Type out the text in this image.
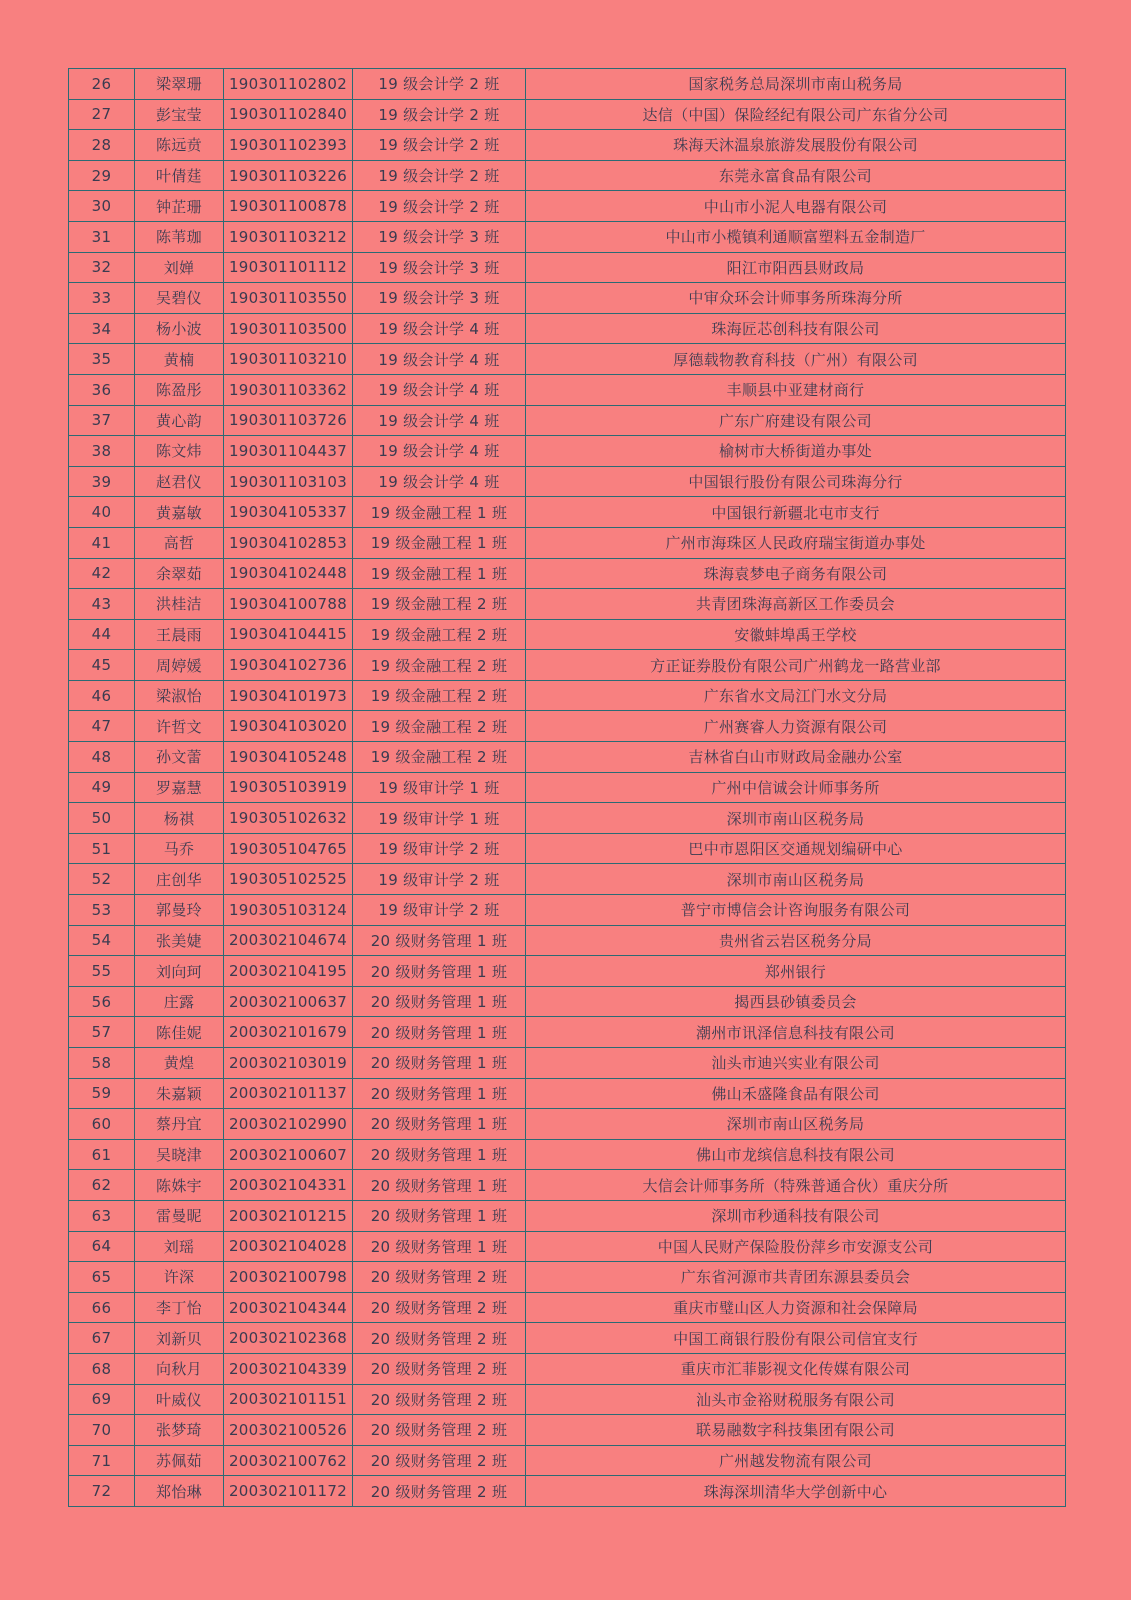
26	梁翠珊	190301102802	19 级会计学 2 班	国家税务总局深圳市南山税务局
27	彭宝莹	190301102840	19 级会计学 2 班	达信（中国）保险经纪有限公司广东省分公司
28	陈远贲	190301102393	19 级会计学 2 班	珠海天沐温泉旅游发展股份有限公司
29	叶倩莛	190301103226	19 级会计学 2 班	东莞永富食品有限公司
30	钟芷珊	190301100878	19 级会计学 2 班	中山市小泥人电器有限公司
31	陈苇珈	190301103212	19 级会计学 3 班	中山市小榄镇利通顺富塑料五金制造厂
32	刘婵	190301101112	19 级会计学 3 班	阳江市阳西县财政局
33	吴碧仪	190301103550	19 级会计学 3 班	中审众环会计师事务所珠海分所
34	杨小波	190301103500	19 级会计学 4 班	珠海匠芯创科技有限公司
35	黄楠	190301103210	19 级会计学 4 班	厚德载物教育科技（广州）有限公司
36	陈盈彤	190301103362	19 级会计学 4 班	丰顺县中亚建材商行
37	黄心韵	190301103726	19 级会计学 4 班	广东广府建设有限公司
38	陈文炜	190301104437	19 级会计学 4 班	榆树市大桥街道办事处
39	赵君仪	190301103103	19 级会计学 4 班	中国银行股份有限公司珠海分行
40	黄嘉敏	190304105337	19 级金融工程 1 班	中国银行新疆北屯市支行
41	高哲	190304102853	19 级金融工程 1 班	广州市海珠区人民政府瑞宝街道办事处
42	余翠茹	190304102448	19 级金融工程 1 班	珠海袁梦电子商务有限公司
43	洪桂洁	190304100788	19 级金融工程 2 班	共青团珠海高新区工作委员会
44	王晨雨	190304104415	19 级金融工程 2 班	安徽蚌埠禹王学校
45	周婷媛	190304102736	19 级金融工程 2 班	方正证券股份有限公司广州鹤龙一路营业部
46	梁淑怡	190304101973	19 级金融工程 2 班	广东省水文局江门水文分局
47	许哲文	190304103020	19 级金融工程 2 班	广州赛睿人力资源有限公司
48	孙文蕾	190304105248	19 级金融工程 2 班	吉林省白山市财政局金融办公室
49	罗嘉慧	190305103919	19 级审计学 1 班	广州中信诚会计师事务所
50	杨祺	190305102632	19 级审计学 1 班	深圳市南山区税务局
51	马乔	190305104765	19 级审计学 2 班	巴中市恩阳区交通规划编研中心
52	庄创华	190305102525	19 级审计学 2 班	深圳市南山区税务局
53	郭曼玲	190305103124	19 级审计学 2 班	普宁市博信会计咨询服务有限公司
54	张美婕	200302104674	20 级财务管理 1 班	贵州省云岩区税务分局
55	刘向珂	200302104195	20 级财务管理 1 班	郑州银行
56	庄露	200302100637	20 级财务管理 1 班	揭西县砂镇委员会
57	陈佳妮	200302101679	20 级财务管理 1 班	潮州市讯泽信息科技有限公司
58	黄煌	200302103019	20 级财务管理 1 班	汕头市迪兴实业有限公司
59	朱嘉颖	200302101137	20 级财务管理 1 班	佛山禾盛隆食品有限公司
60	蔡丹宜	200302102990	20 级财务管理 1 班	深圳市南山区税务局
61	吴晓津	200302100607	20 级财务管理 1 班	佛山市龙缤信息科技有限公司
62	陈姝宇	200302104331	20 级财务管理 1 班	大信会计师事务所（特殊普通合伙）重庆分所
63	雷曼昵	200302101215	20 级财务管理 1 班	深圳市秒通科技有限公司
64	刘瑶	200302104028	20 级财务管理 1 班	中国人民财产保险股份萍乡市安源支公司
65	许深	200302100798	20 级财务管理 2 班	广东省河源市共青团东源县委员会
66	李丁怡	200302104344	20 级财务管理 2 班	重庆市璧山区人力资源和社会保障局
67	刘新贝	200302102368	20 级财务管理 2 班	中国工商银行股份有限公司信宜支行
68	向秋月	200302104339	20 级财务管理 2 班	重庆市汇菲影视文化传媒有限公司
69	叶威仪	200302101151	20 级财务管理 2 班	汕头市金裕财税服务有限公司
70	张梦琦	200302100526	20 级财务管理 2 班	联易融数字科技集团有限公司
71	苏佩茹	200302100762	20 级财务管理 2 班	广州越发物流有限公司
72	郑怡琳	200302101172	20 级财务管理 2 班	珠海深圳清华大学创新中心
